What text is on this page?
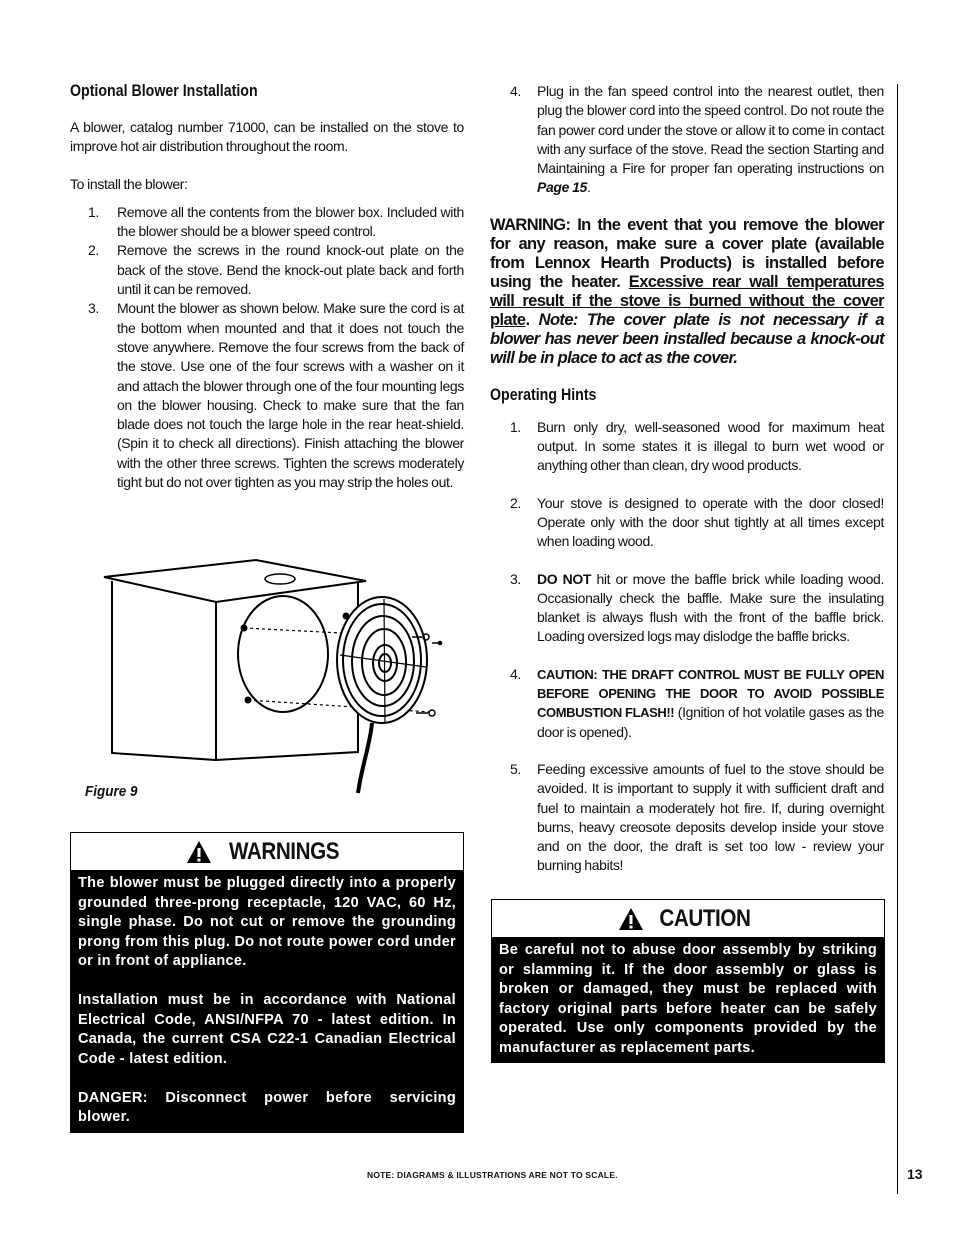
Optional Blower Installation

A blower, catalog number 71000, can be installed on the stove to improve hot air distribution throughout the room.

To install the blower:

1. Remove all the contents from the blower box. Included with the blower should be a blower speed control.
2. Remove the screws in the round knock-out plate on the back of the stove. Bend the knock-out plate back and forth until it can be removed.
3. Mount the blower as shown below. Make sure the cord is at the bottom when mounted and that it does not touch the stove anywhere. Remove the four screws from the back of the stove. Use one of the four screws with a washer on it and attach the blower through one of the four mounting legs on the blower housing. Check to make sure that the fan blade does not touch the large hole in the rear heat-shield. (Spin it to check all directions). Finish attaching the blower with the other three screws. Tighten the screws moderately tight but do not over tighten as you may strip the holes out.
Figure 9
WARNINGS

The blower must be plugged directly into a properly grounded three-prong receptacle, 120 VAC, 60 Hz, single phase. Do not cut or remove the grounding prong from this plug. Do not route power cord under or in front of appliance.

Installation must be in accordance with National Electrical Code, ANSI/NFPA 70 - latest edition. In Canada, the current CSA C22-1 Canadian Electrical Code - latest edition.

DANGER: Disconnect power before servicing blower.

4. Plug in the fan speed control into the nearest outlet, then plug the blower cord into the speed control. Do not route the fan power cord under the stove or allow it to come in contact with any surface of the stove. Read the section Starting and Maintaining a Fire for proper fan operating instructions on Page 15.

WARNING: In the event that you remove the blower for any reason, make sure a cover plate (available from Lennox Hearth Products) is installed before using the heater. Excessive rear wall temperatures will result if the stove is burned without the cover plate. Note: The cover plate is not necessary if a blower has never been installed because a knock-out will be in place to act as the cover.

Operating Hints
1. Burn only dry, well-seasoned wood for maximum heat output. In some states it is illegal to burn wet wood or anything other than clean, dry wood products.
2. Your stove is designed to operate with the door closed! Operate only with the door shut tightly at all times except when loading wood.
3. DO NOT hit or move the baffle brick while loading wood. Occasionally check the baffle. Make sure the insulating blanket is always flush with the front of the baffle brick. Loading oversized logs may dislodge the baffle bricks.
4. CAUTION: THE DRAFT CONTROL MUST BE FULLY OPEN BEFORE OPENING THE DOOR TO AVOID POSSIBLE COMBUSTION FLASH!! (Ignition of hot volatile gases as the door is opened).
5. Feeding excessive amounts of fuel to the stove should be avoided. It is important to supply it with sufficient draft and fuel to maintain a moderately hot fire. If, during overnight burns, heavy creosote deposits develop inside your stove and on the door, the draft is set too low - review your burning habits!
CAUTION

Be careful not to abuse door assembly by striking or slamming it. If the door assembly or glass is broken or damaged, they must be replaced with factory original parts before heater can be safely operated. Use only components provided by the manufacturer as replacement parts.

NOTE: DIAGRAMS & ILLUSTRATIONS ARE NOT TO SCALE.	13
